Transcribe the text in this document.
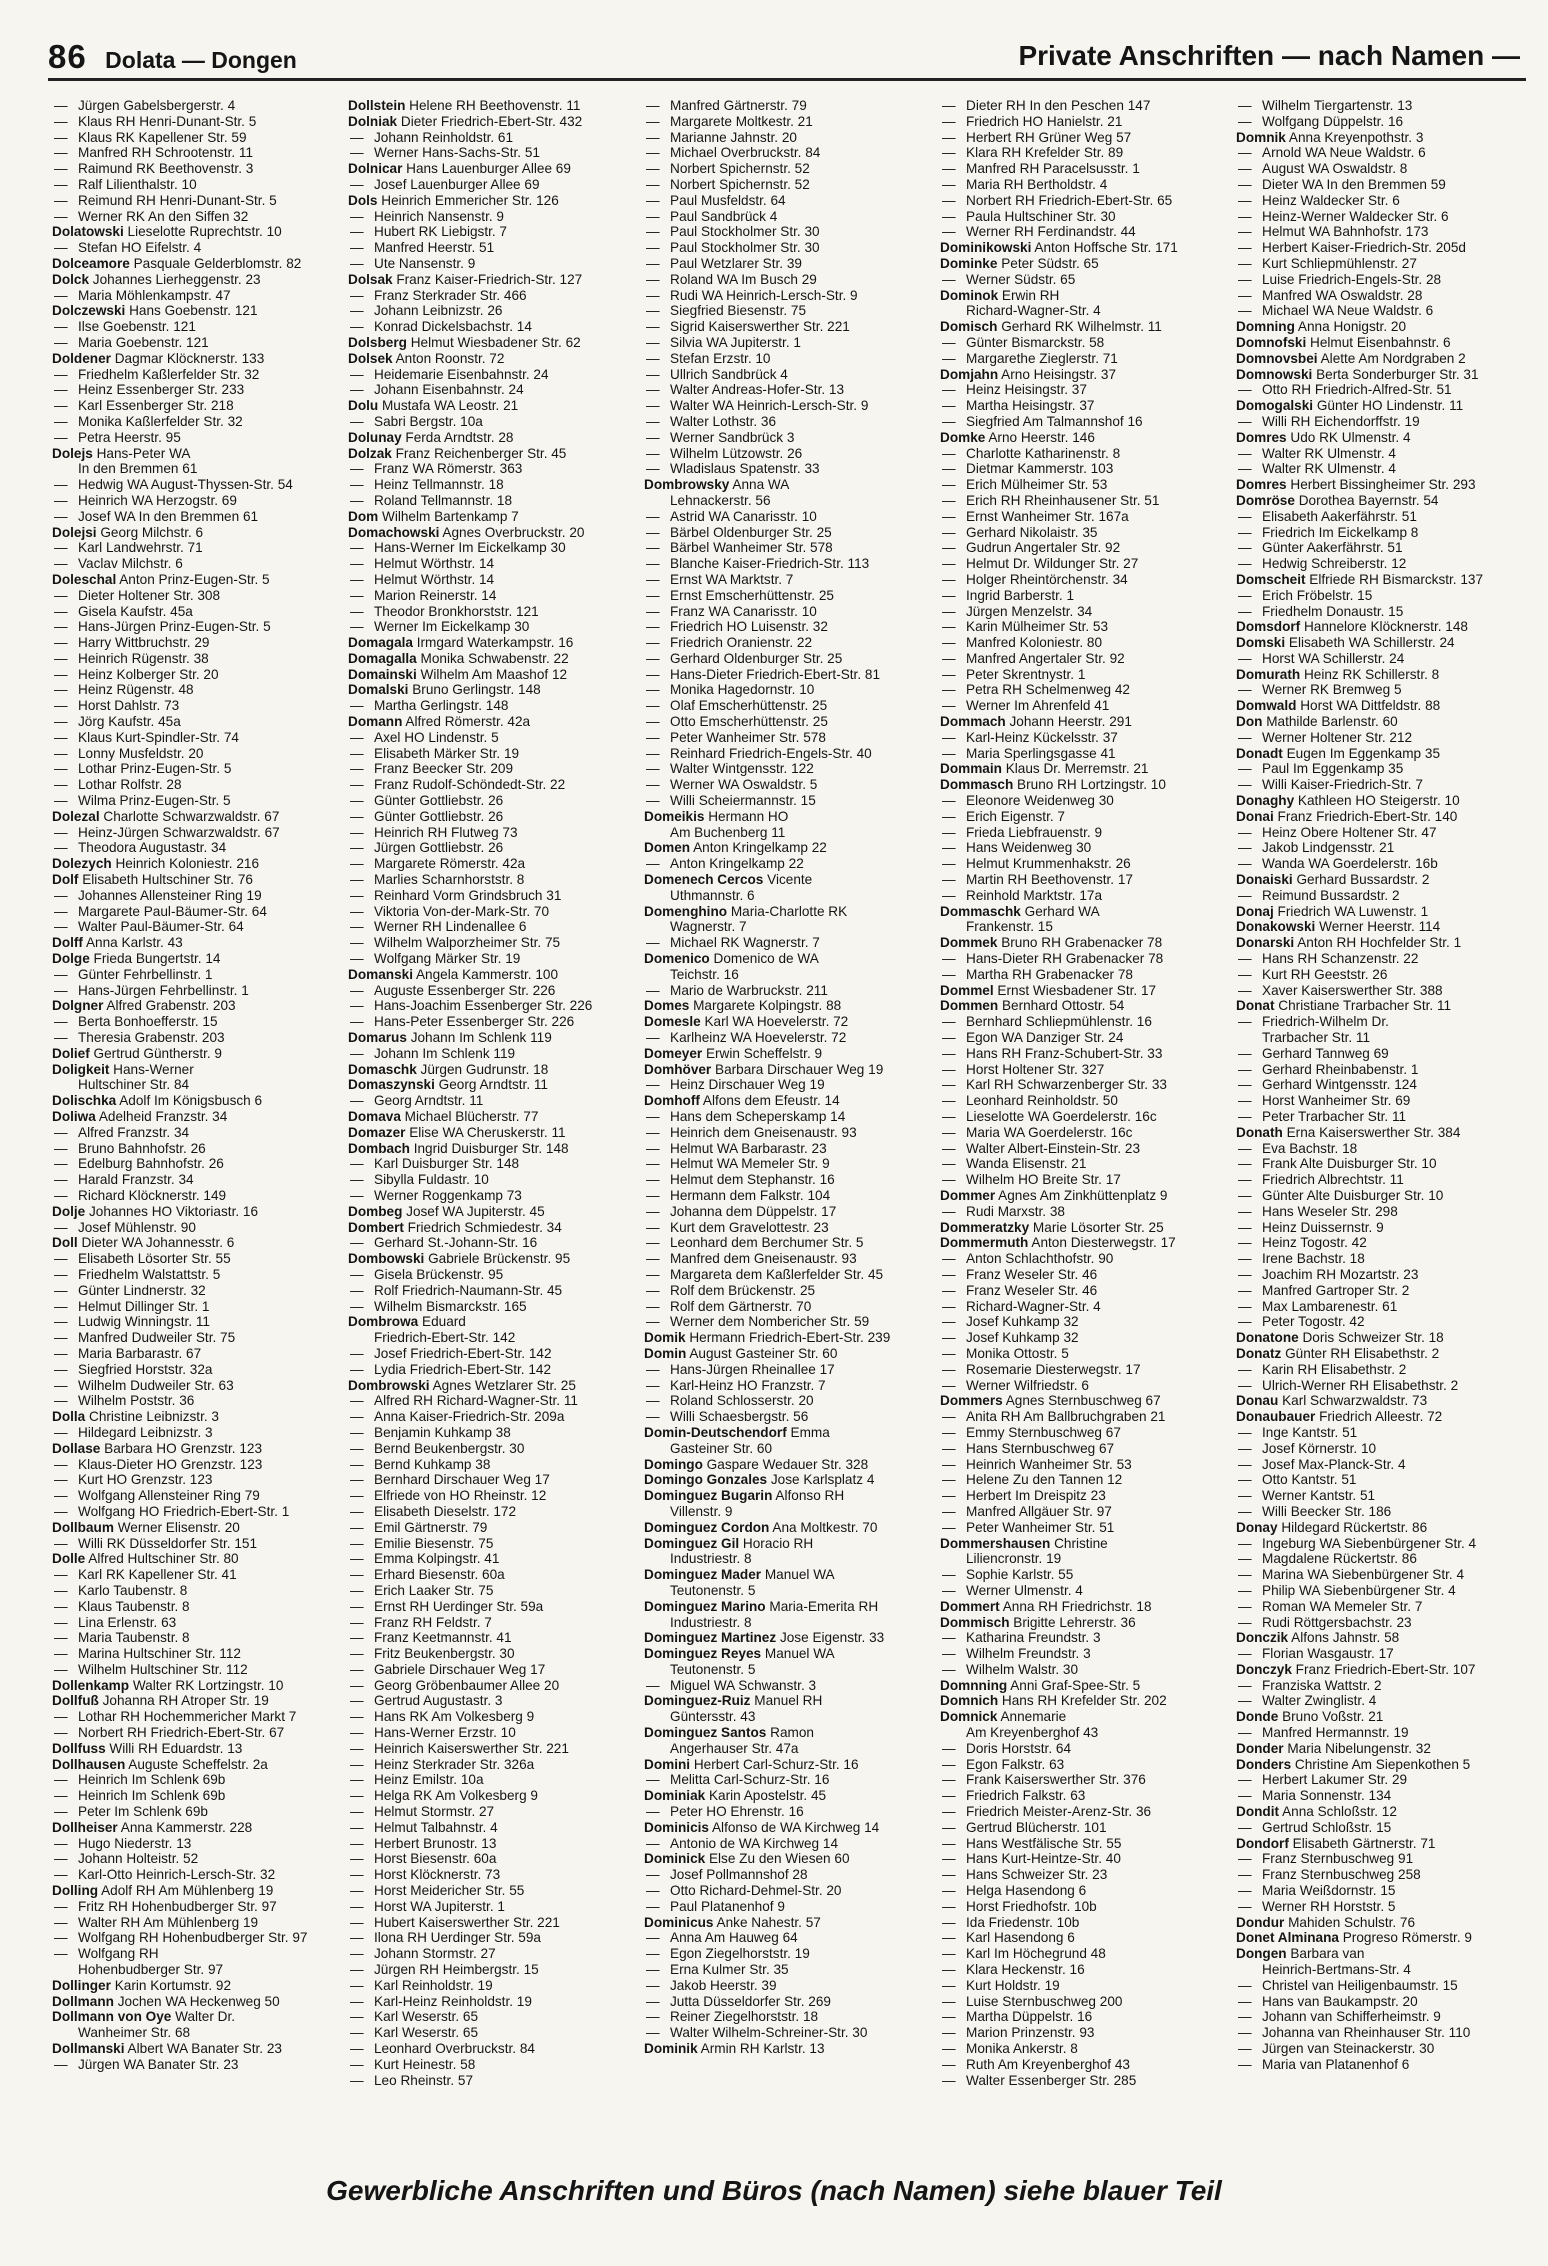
86 Dolata — Dongen	Private Anschriften — nach Namen —
— Jürgen Gabelsbergerstr. 4
— Klaus RH Henri-Dunant-Str. 5
— Klaus RK Kapellener Str. 59
— Manfred RH Schrootenstr. 11
— Raimund RK Beethovenstr. 3
— Ralf Lilienthalstr. 10
— Reimund RH Henri-Dunant-Str. 5
— Werner RK An den Siffen 32
Dolatowski Lieselotte Ruprechtstr. 10
— Stefan HO Eifelstr. 4
Dolceamore Pasquale Gelderblomstr. 82
Dolck Johannes Lierheggenstr. 23
— Maria Möhlenkampstr. 47
Dolczewski Hans Goebenstr. 121
— Ilse Goebenstr. 121
— Maria Goebenstr. 121
Doldener Dagmar Klöcknerstr. 133
— Friedhelm Kaßlerfelder Str. 32
— Heinz Essenberger Str. 233
— Karl Essenberger Str. 218
— Monika Kaßlerfelder Str. 32
— Petra Heerstr. 95
Dolejs Hans-Peter WA
In den Bremmen 61
— Hedwig WA August-Thyssen-Str. 54
— Heinrich WA Herzogstr. 69
— Josef WA In den Bremmen 61
Dolejsi Georg Milchstr. 6
— Karl Landwehrstr. 71
— Vaclav Milchstr. 6
Doleschal Anton Prinz-Eugen-Str. 5
— Dieter Holtener Str. 308
— Gisela Kaufstr. 45a
— Hans-Jürgen Prinz-Eugen-Str. 5
— Harry Wittbruchstr. 29
— Heinrich Rügenstr. 38
— Heinz Kolberger Str. 20
— Heinz Rügenstr. 48
— Horst Dahlstr. 73
— Jörg Kaufstr. 45a
— Klaus Kurt-Spindler-Str. 74
— Lonny Musfeldstr. 20
— Lothar Prinz-Eugen-Str. 5
— Lothar Rolfstr. 28
— Wilma Prinz-Eugen-Str. 5
Dolezal Charlotte Schwarzwaldstr. 67
— Heinz-Jürgen Schwarzwaldstr. 67
— Theodora Augustastr. 34
Dolezych Heinrich Koloniestr. 216
Dolf Elisabeth Hultschiner Str. 76
— Johannes Allensteiner Ring 19
— Margarete Paul-Bäumer-Str. 64
— Walter Paul-Bäumer-Str. 64
Dolff Anna Karlstr. 43
Dolge Frieda Bungertstr. 14
— Günter Fehrbellinstr. 1
— Hans-Jürgen Fehrbellinstr. 1
Dolgner Alfred Grabenstr. 203
— Berta Bonhoefferstr. 15
— Theresia Grabenstr. 203
Dolief Gertrud Güntherstr. 9
Doligkeit Hans-Werner
Hultschiner Str. 84
Dolischka Adolf Im Königsbusch 6
Doliwa Adelheid Franzstr. 34
— Alfred Franzstr. 34
— Bruno Bahnhofstr. 26
— Edelburg Bahnhofstr. 26
— Harald Franzstr. 34
— Richard Klöcknerstr. 149
Dolje Johannes HO Viktoriastr. 16
— Josef Mühlenstr. 90
Doll Dieter WA Johannesstr. 6
— Elisabeth Lösorter Str. 55
— Friedhelm Walstattstr. 5
— Günter Lindnerstr. 32
— Helmut Dillinger Str. 1
— Ludwig Winningstr. 11
— Manfred Dudweiler Str. 75
— Maria Barbarastr. 67
— Siegfried Horststr. 32a
— Wilhelm Dudweiler Str. 63
— Wilhelm Poststr. 36
Dolla Christine Leibnizstr. 3
— Hildegard Leibnizstr. 3
Dollase Barbara HO Grenzstr. 123
— Klaus-Dieter HO Grenzstr. 123
— Kurt HO Grenzstr. 123
— Wolfgang Allensteiner Ring 79
— Wolfgang HO Friedrich-Ebert-Str. 1
Dollbaum Werner Elisenstr. 20
— Willi RK Düsseldorfer Str. 151
Dolle Alfred Hultschiner Str. 80
— Karl RK Kapellener Str. 41
— Karlo Taubenstr. 8
— Klaus Taubenstr. 8
— Lina Erlenstr. 63
— Maria Taubenstr. 8
— Marina Hultschiner Str. 112
— Wilhelm Hultschiner Str. 112
Dollenkamp Walter RK Lortzingstr. 10
Dollfuß Johanna RH Atroper Str. 19
— Lothar RH Hochemmericher Markt 7
— Norbert RH Friedrich-Ebert-Str. 67
Dollfuss Willi RH Eduardstr. 13
Dollhausen Auguste Scheffelstr. 2a
— Heinrich Im Schlenk 69b
— Heinrich Im Schlenk 69b
— Peter Im Schlenk 69b
Dollheiser Anna Kammerstr. 228
— Hugo Niederstr. 13
— Johann Holteistr. 52
— Karl-Otto Heinrich-Lersch-Str. 32
Dolling Adolf RH Am Mühlenberg 19
— Fritz RH Hohenbudberger Str. 97
— Walter RH Am Mühlenberg 19
— Wolfgang RH Hohenbudberger Str. 97
— Wolfgang RH
Hohenbudberger Str. 97
Dollinger Karin Kortumstr. 92
Dollmann Jochen WA Heckenweg 50
Dollmann von Oye Walter Dr.
Wanheimer Str. 68
Dollmanski Albert WA Banater Str. 23
— Jürgen WA Banater Str. 23
Dollstein Helene RH Beethovenstr. 11
Dolniak Dieter Friedrich-Ebert-Str. 432
— Johann Reinholdstr. 61
— Werner Hans-Sachs-Str. 51
Dolnicar Hans Lauenburger Allee 69
— Josef Lauenburger Allee 69
Dols Heinrich Emmericher Str. 126
— Heinrich Nansenstr. 9
— Hubert RK Liebigstr. 7
— Manfred Heerstr. 51
— Ute Nansenstr. 9
Dolsak Franz Kaiser-Friedrich-Str. 127
— Franz Sterkrader Str. 466
— Johann Leibnizstr. 26
— Konrad Dickelsbachstr. 14
Dolsberg Helmut Wiesbadener Str. 62
Dolsek Anton Roonstr. 72
— Heidemarie Eisenbahnstr. 24
— Johann Eisenbahnstr. 24
Dolu Mustafa WA Leostr. 21
— Sabri Bergstr. 10a
Dolunay Ferda Arndtstr. 28
Dolzak Franz Reichenberger Str. 45
— Franz WA Römerstr. 363
— Heinz Tellmannstr. 18
— Roland Tellmannstr. 18
Dom Wilhelm Bartenkamp 7
Domachowski Agnes Overbruckstr. 20
— Hans-Werner Im Eickelkamp 30
— Helmut Wörthstr. 14
— Helmut Wörthstr. 14
— Marion Reinerstr. 14
— Theodor Bronkhorststr. 121
— Werner Im Eickelkamp 30
Domagala Irmgard Waterkampstr. 16
Domagalla Monika Schwabenstr. 22
Domainski Wilhelm Am Maashof 12
Domalski Bruno Gerlingstr. 148
— Martha Gerlingstr. 148
Domann Alfred Römerstr. 42a
— Axel HO Lindenstr. 5
— Elisabeth Märker Str. 19
— Franz Beecker Str. 209
— Franz Rudolf-Schöndedt-Str. 22
— Günter Gottliebstr. 26
— Günter Gottliebstr. 26
— Heinrich RH Flutweg 73
— Jürgen Gottliebstr. 26
— Margarete Römerstr. 42a
— Marlies Scharnhorststr. 8
— Reinhard Vorm Grindsbruch 31
— Viktoria Von-der-Mark-Str. 70
— Werner RH Lindenallee 6
— Wilhelm Walporzheimer Str. 75
— Wolfgang Märker Str. 19
Domanski Angela Kammerstr. 100
— Auguste Essenberger Str. 226
— Hans-Joachim Essenberger Str. 226
— Hans-Peter Essenberger Str. 226
Domarus Johann Im Schlenk 119
— Johann Im Schlenk 119
Domaschk Jürgen Gudrunstr. 18
Domaszynski Georg Arndtstr. 11
— Georg Arndtstr. 11
Domava Michael Blücherstr. 77
Domazer Elise WA Cheruskerstr. 11
Dombach Ingrid Duisburger Str. 148
— Karl Duisburger Str. 148
— Sibylla Fuldastr. 10
— Werner Roggenkamp 73
Dombeg Josef WA Jupiterstr. 45
Dombert Friedrich Schmiedestr. 34
— Gerhard St.-Johann-Str. 16
Dombowski Gabriele Brückenstr. 95
— Gisela Brückenstr. 95
— Rolf Friedrich-Naumann-Str. 45
— Wilhelm Bismarckstr. 165
Dombrowa Eduard
Friedrich-Ebert-Str. 142
— Josef Friedrich-Ebert-Str. 142
— Lydia Friedrich-Ebert-Str. 142
Dombrowski Agnes Wetzlarer Str. 25
— Alfred RH Richard-Wagner-Str. 11
— Anna Kaiser-Friedrich-Str. 209a
— Benjamin Kuhkamp 38
— Bernd Beukenbergstr. 30
— Bernd Kuhkamp 38
— Bernhard Dirschauer Weg 17
— Elfriede von HO Rheinstr. 12
— Elisabeth Dieselstr. 172
— Emil Gärtnerstr. 79
— Emilie Biesenstr. 75
— Emma Kolpingstr. 41
— Erhard Biesenstr. 60a
— Erich Laaker Str. 75
— Ernst RH Uerdinger Str. 59a
— Franz RH Feldstr. 7
— Franz Keetmannstr. 41
— Fritz Beukenbergstr. 30
— Gabriele Dirschauer Weg 17
— Georg Gröbenbaumer Allee 20
— Gertrud Augustastr. 3
— Hans RK Am Volkesberg 9
— Hans-Werner Erzstr. 10
— Heinrich Kaiserswerther Str. 221
— Heinz Sterkrader Str. 326a
— Heinz Emilstr. 10a
— Helga RK Am Volkesberg 9
— Helmut Stormstr. 27
— Helmut Talbahnstr. 4
— Herbert Brunostr. 13
— Horst Biesenstr. 60a
— Horst Klöcknerstr. 73
— Horst Meidericher Str. 55
— Horst WA Jupiterstr. 1
— Hubert Kaiserswerther Str. 221
— Ilona RH Uerdinger Str. 59a
— Johann Stormstr. 27
— Jürgen RH Heimbergstr. 15
— Karl Reinholdstr. 19
— Karl-Heinz Reinholdstr. 19
— Karl Weserstr. 65
— Karl Weserstr. 65
— Leonhard Overbruckstr. 84
— Kurt Heinestr. 58
— Leo Rheinstr. 57
— Manfred Gärtnerstr. 79
— Margarete Moltkestr. 21
— Marianne Jahnstr. 20
— Michael Overbruckstr. 84
— Norbert Spichernstr. 52
— Norbert Spichernstr. 52
— Paul Musfeldstr. 64
— Paul Sandbrück 4
— Paul Stockholmer Str. 30
— Paul Stockholmer Str. 30
— Paul Wetzlarer Str. 39
— Roland WA Im Busch 29
— Rudi WA Heinrich-Lersch-Str. 9
— Siegfried Biesenstr. 75
— Sigrid Kaiserswerther Str. 221
— Silvia WA Jupiterstr. 1
— Stefan Erzstr. 10
— Ullrich Sandbrück 4
— Walter Andreas-Hofer-Str. 13
— Walter WA Heinrich-Lersch-Str. 9
— Walter Lothstr. 36
— Werner Sandbrück 3
— Wilhelm Lützowstr. 26
— Wladislaus Spatenstr. 33
Dombrowsky Anna WA
Lehnackerstr. 56
— Astrid WA Canarisstr. 10
— Bärbel Oldenburger Str. 25
— Bärbel Wanheimer Str. 578
— Blanche Kaiser-Friedrich-Str. 113
— Ernst WA Marktstr. 7
— Ernst Emscherhüttenstr. 25
— Franz WA Canarisstr. 10
— Friedrich HO Luisenstr. 32
— Friedrich Oranienstr. 22
— Gerhard Oldenburger Str. 25
— Hans-Dieter Friedrich-Ebert-Str. 81
— Monika Hagedornstr. 10
— Olaf Emscherhüttenstr. 25
— Otto Emscherhüttenstr. 25
— Peter Wanheimer Str. 578
— Reinhard Friedrich-Engels-Str. 40
— Walter Wintgensstr. 122
— Werner WA Oswaldstr. 5
— Willi Scheiermannstr. 15
Domeikis Hermann HO
Am Buchenberg 11
Domen Anton Kringelkamp 22
— Anton Kringelkamp 22
Domenech Cercos Vicente
Uthmannstr. 6
Domenghino Maria-Charlotte RK
Wagnerstr. 7
— Michael RK Wagnerstr. 7
Domenico Domenico de WA
Teichstr. 16
— Mario de Warbruckstr. 211
Domes Margarete Kolpingstr. 88
Domesle Karl WA Hoevelerstr. 72
— Karlheinz WA Hoevelerstr. 72
Domeyer Erwin Scheffelstr. 9
Domhöver Barbara Dirschauer Weg 19
— Heinz Dirschauer Weg 19
Domhoff Alfons dem Efeustr. 14
— Hans dem Scheperskamp 14
— Heinrich dem Gneisenaustr. 93
— Helmut WA Barbarastr. 23
— Helmut WA Memeler Str. 9
— Helmut dem Stephanstr. 16
— Hermann dem Falkstr. 104
— Johanna dem Düppelstr. 17
— Kurt dem Gravelottestr. 23
— Leonhard dem Berchumer Str. 5
— Manfred dem Gneisenaustr. 93
— Margareta dem Kaßlerfelder Str. 45
— Rolf dem Brückenstr. 25
— Rolf dem Gärtnerstr. 70
— Werner dem Nombericher Str. 59
Domik Hermann Friedrich-Ebert-Str. 239
Domin August Gasteiner Str. 60
— Hans-Jürgen Rheinallee 17
— Karl-Heinz HO Franzstr. 7
— Roland Schlosserstr. 20
— Willi Schaesbergstr. 56
Domin-Deutschendorf Emma
Gasteiner Str. 60
Domingo Gaspare Wedauer Str. 328
Domingo Gonzales Jose Karlsplatz 4
Dominguez Bugarin Alfonso RH
Villenstr. 9
Dominguez Cordon Ana Moltkestr. 70
Dominguez Gil Horacio RH
Industriestr. 8
Dominguez Mader Manuel WA
Teutonenstr. 5
Dominguez Marino Maria-Emerita RH
Industriestr. 8
Dominguez Martinez Jose Eigenstr. 33
Dominguez Reyes Manuel WA
Teutonenstr. 5
— Miguel WA Schwanstr. 3
Dominguez-Ruiz Manuel RH
Güntersstr. 43
Dominguez Santos Ramon
Angerhauser Str. 47a
Domini Herbert Carl-Schurz-Str. 16
— Melitta Carl-Schurz-Str. 16
Dominiak Karin Apostelstr. 45
— Peter HO Ehrenstr. 16
Dominicis Alfonso de WA Kirchweg 14
— Antonio de WA Kirchweg 14
Dominick Else Zu den Wiesen 60
— Josef Pollmannshof 28
— Otto Richard-Dehmel-Str. 20
— Paul Platanenhof 9
Dominicus Anke Nahestr. 57
— Anna Am Hauweg 64
— Egon Ziegelhorststr. 19
— Erna Kulmer Str. 35
— Jakob Heerstr. 39
— Jutta Düsseldorfer Str. 269
— Reiner Ziegelhorststr. 18
— Walter Wilhelm-Schreiner-Str. 30
Dominik Armin RH Karlstr. 13
— Dieter RH In den Peschen 147
— Friedrich HO Hanielstr. 21
— Herbert RH Grüner Weg 57
— Klara RH Krefelder Str. 89
— Manfred RH Paracelsusstr. 1
— Maria RH Bertholdstr. 4
— Norbert RH Friedrich-Ebert-Str. 65
— Paula Hultschiner Str. 30
— Werner RH Ferdinandstr. 44
Dominikowski Anton Hoffsche Str. 171
Dominke Peter Südstr. 65
— Werner Südstr. 65
Dominok Erwin RH
Richard-Wagner-Str. 4
Domisch Gerhard RK Wilhelmstr. 11
— Günter Bismarckstr. 58
— Margarethe Zieglerstr. 71
Domjahn Arno Heisingstr. 37
— Heinz Heisingstr. 37
— Martha Heisingstr. 37
— Siegfried Am Talmannshof 16
Domke Arno Heerstr. 146
— Charlotte Katharinenstr. 8
— Dietmar Kammerstr. 103
— Erich Mülheimer Str. 53
— Erich RH Rheinhausener Str. 51
— Ernst Wanheimer Str. 167a
— Gerhard Nikolaistr. 35
— Gudrun Angertaler Str. 92
— Helmut Dr. Wildunger Str. 27
— Holger Rheintörchenstr. 34
— Ingrid Barberstr. 1
— Jürgen Menzelstr. 34
— Karin Mülheimer Str. 53
— Manfred Koloniestr. 80
— Manfred Angertaler Str. 92
— Peter Skrentnystr. 1
— Petra RH Schelmenweg 42
— Werner Im Ahrenfeld 41
Dommach Johann Heerstr. 291
— Karl-Heinz Kückelsstr. 37
— Maria Sperlingsgasse 41
Dommain Klaus Dr. Merremstr. 21
Dommasch Bruno RH Lortzingstr. 10
— Eleonore Weidenweg 30
— Erich Eigenstr. 7
— Frieda Liebfrauenstr. 9
— Hans Weidenweg 30
— Helmut Krummenhakstr. 26
— Martin RH Beethovenstr. 17
— Reinhold Marktstr. 17a
Dommaschk Gerhard WA
Frankenstr. 15
Dommek Bruno RH Grabenacker 78
— Hans-Dieter RH Grabenacker 78
— Martha RH Grabenacker 78
Dommel Ernst Wiesbadener Str. 17
Dommen Bernhard Ottostr. 54
— Bernhard Schliepmühlenstr. 16
— Egon WA Danziger Str. 24
— Hans RH Franz-Schubert-Str. 33
— Horst Holtener Str. 327
— Karl RH Schwarzenberger Str. 33
— Leonhard Reinholdstr. 50
— Lieselotte WA Goerdelerstr. 16c
— Maria WA Goerdelerstr. 16c
— Walter Albert-Einstein-Str. 23
— Wanda Elisenstr. 21
— Wilhelm HO Breite Str. 17
Dommer Agnes Am Zinkhüttenplatz 9
— Rudi Marxstr. 38
Dommeratzky Marie Lösorter Str. 25
Dommermuth Anton Diesterwegstr. 17
— Anton Schlachthofstr. 90
— Franz Weseler Str. 46
— Franz Weseler Str. 46
— Richard-Wagner-Str. 4
— Josef Kuhkamp 32
— Josef Kuhkamp 32
— Monika Ottostr. 5
— Rosemarie Diesterwegstr. 17
— Werner Wilfriedstr. 6
Dommers Agnes Sternbuschweg 67
— Anita RH Am Ballbruchgraben 21
— Emmy Sternbuschweg 67
— Hans Sternbuschweg 67
— Heinrich Wanheimer Str. 53
— Helene Zu den Tannen 12
— Herbert Im Dreispitz 23
— Manfred Allgäuer Str. 97
— Peter Wanheimer Str. 51
Dommershausen Christine
Liliencronstr. 19
— Sophie Karlstr. 55
— Werner Ulmenstr. 4
Dommert Anna RH Friedrichstr. 18
Dommisch Brigitte Lehrerstr. 36
— Katharina Freundstr. 3
— Wilhelm Freundstr. 3
— Wilhelm Walstr. 30
Domnning Anni Graf-Spee-Str. 5
Domnich Hans RH Krefelder Str. 202
Domnick Annemarie
Am Kreyenberghof 43
— Doris Horststr. 64
— Egon Falkstr. 63
— Frank Kaiserswerther Str. 376
— Friedrich Falkstr. 63
— Friedrich Meister-Arenz-Str. 36
— Gertrud Blücherstr. 101
— Hans Westfälische Str. 55
— Hans Kurt-Heintze-Str. 40
— Hans Schweizer Str. 23
— Helga Hasendong 6
— Horst Friedhofstr. 10b
— Ida Friedenstr. 10b
— Karl Hasendong 6
— Karl Im Höchegrund 48
— Klara Heckenstr. 16
— Kurt Holdstr. 19
— Luise Sternbuschweg 200
— Martha Düppelstr. 16
— Marion Prinzenstr. 93
— Monika Ankerstr. 8
— Ruth Am Kreyenberghof 43
— Walter Essenberger Str. 285
— Wilhelm Tiergartenstr. 13
— Wolfgang Düppelstr. 16
Domnik Anna Kreyenpothstr. 3
— Arnold WA Neue Waldstr. 6
— August WA Oswaldstr. 8
— Dieter WA In den Bremmen 59
— Heinz Waldecker Str. 6
— Heinz-Werner Waldecker Str. 6
— Helmut WA Bahnhofstr. 173
— Herbert Kaiser-Friedrich-Str. 205d
— Kurt Schliepmühlenstr. 27
— Luise Friedrich-Engels-Str. 28
— Manfred WA Oswaldstr. 28
— Michael WA Neue Waldstr. 6
Domning Anna Honigstr. 20
Domnofski Helmut Eisenbahnstr. 6
Domnovsbei Alette Am Nordgraben 2
Domnowski Berta Sonderburger Str. 31
— Otto RH Friedrich-Alfred-Str. 51
Domogalski Günter HO Lindenstr. 11
— Willi RH Eichendorffstr. 19
Domres Udo RK Ulmenstr. 4
— Walter RK Ulmenstr. 4
— Walter RK Ulmenstr. 4
Domres Herbert Bissingheimer Str. 293
Domröse Dorothea Bayernstr. 54
— Elisabeth Aakerfährstr. 51
— Friedrich Im Eickelkamp 8
— Günter Aakerfährstr. 51
— Hedwig Schreiberstr. 12
Domscheit Elfriede RH Bismarckstr. 137
— Erich Fröbelstr. 15
— Friedhelm Donaustr. 15
Domsdorf Hannelore Klöcknerstr. 148
Domski Elisabeth WA Schillerstr. 24
— Horst WA Schillerstr. 24
Domurath Heinz RK Schillerstr. 8
— Werner RK Bremweg 5
Domwald Horst WA Dittfeldstr. 88
Don Mathilde Barlenstr. 60
— Werner Holtener Str. 212
Donadt Eugen Im Eggenkamp 35
— Paul Im Eggenkamp 35
— Willi Kaiser-Friedrich-Str. 7
Donaghy Kathleen HO Steigerstr. 10
Donai Franz Friedrich-Ebert-Str. 140
— Heinz Obere Holtener Str. 47
— Jakob Lindgensstr. 21
— Wanda WA Goerdelerstr. 16b
Donaiski Gerhard Bussardstr. 2
— Reimund Bussardstr. 2
Donaj Friedrich WA Luwenstr. 1
Donakowski Werner Heerstr. 114
Donarski Anton RH Hochfelder Str. 1
— Hans RH Schanzenstr. 22
— Kurt RH Geeststr. 26
— Xaver Kaiserswerther Str. 388
Donat Christiane Trarbacher Str. 11
— Friedrich-Wilhelm Dr.
Trarbacher Str. 11
— Gerhard Tannweg 69
— Gerhard Rheinbabenstr. 1
— Gerhard Wintgensstr. 124
— Horst Wanheimer Str. 69
— Peter Trarbacher Str. 11
Donath Erna Kaiserswerther Str. 384
— Eva Bachstr. 18
— Frank Alte Duisburger Str. 10
— Friedrich Albrechtstr. 11
— Günter Alte Duisburger Str. 10
— Hans Weseler Str. 298
— Heinz Duissernstr. 9
— Heinz Togostr. 42
— Irene Bachstr. 18
— Joachim RH Mozartstr. 23
— Manfred Gartroper Str. 2
— Max Lambarenestr. 61
— Peter Togostr. 42
Donatone Doris Schweizer Str. 18
Donatz Günter RH Elisabethstr. 2
— Karin RH Elisabethstr. 2
— Ulrich-Werner RH Elisabethstr. 2
Donau Karl Schwarzwaldstr. 73
Donaubauer Friedrich Alleestr. 72
— Inge Kantstr. 51
— Josef Körnerstr. 10
— Josef Max-Planck-Str. 4
— Otto Kantstr. 51
— Werner Kantstr. 51
— Willi Beecker Str. 186
Donay Hildegard Rückertstr. 86
— Ingeburg WA Siebenbürgener Str. 4
— Magdalene Rückertstr. 86
— Marina WA Siebenbürgener Str. 4
— Philip WA Siebenbürgener Str. 4
— Roman WA Memeler Str. 7
— Rudi Röttgersbachstr. 23
Donczik Alfons Jahnstr. 58
— Florian Wasgaustr. 17
Donczyk Franz Friedrich-Ebert-Str. 107
— Franziska Wattstr. 2
— Walter Zwinglistr. 4
Donde Bruno Voßstr. 21
— Manfred Hermannstr. 19
Donder Maria Nibelungenstr. 32
Donders Christine Am Siepenkothen 5
— Herbert Lakumer Str. 29
— Maria Sonnenstr. 134
Dondit Anna Schloßstr. 12
— Gertrud Schloßstr. 15
Dondorf Elisabeth Gärtnerstr. 71
— Franz Sternbuschweg 91
— Franz Sternbuschweg 258
— Maria Weißdornstr. 15
— Werner RH Horststr. 5
Dondur Mahiden Schulstr. 76
Donet Alminana Progreso Römerstr. 9
Dongen Barbara van
Heinrich-Bertmans-Str. 4
— Christel van Heiligenbaumstr. 15
— Hans van Baukampstr. 20
— Johann van Schifferheimstr. 9
— Johanna van Rheinhauser Str. 110
— Jürgen van Steinackerstr. 30
— Maria van Platanenhof 6
Gewerbliche Anschriften und Büros (nach Namen) siehe blauer Teil
